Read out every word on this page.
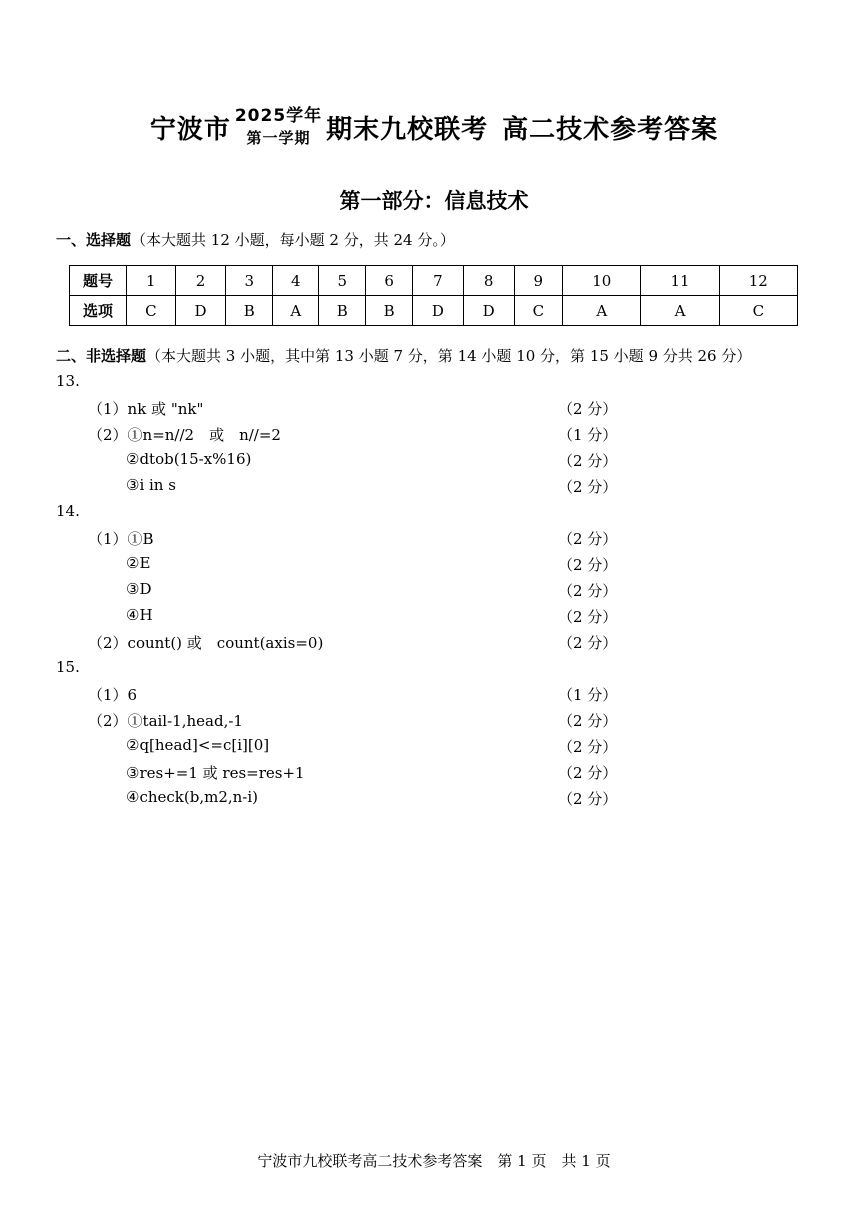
宁波市 2025学年
第一学期 期末九校联考 高二技术参考答案
第一部分：信息技术
一、选择题（本大题共 12 小题，每小题 2 分，共 24 分。）
题号	1	2	3	4	5	6	7	8	9	10	11	12
选项	C	D	B	A	B	B	D	D	C	A	A	C
二、非选择题（本大题共 3 小题，其中第 13 小题 7 分，第 14 小题 10 分，第 15 小题 9 分共 26 分）
13.
（1）nk 或 "nk"	（2 分）
（2）①n=n//2　或　n//=2	（1 分）
②dtob(15-x%16)	（2 分）
③i in s	（2 分）
14.
（1）①B	（2 分）
②E	（2 分）
③D	（2 分）
④H	（2 分）
（2）count() 或　count(axis=0)	（2 分）
15.
（1）6	（1 分）
（2）①tail-1,head,-1	（2 分）
②q[head]<=c[i][0]	（2 分）
③res+=1 或 res=res+1	（2 分）
④check(b,m2,n-i)	（2 分）
宁波市九校联考高二技术参考答案　第 1 页　共 1 页
